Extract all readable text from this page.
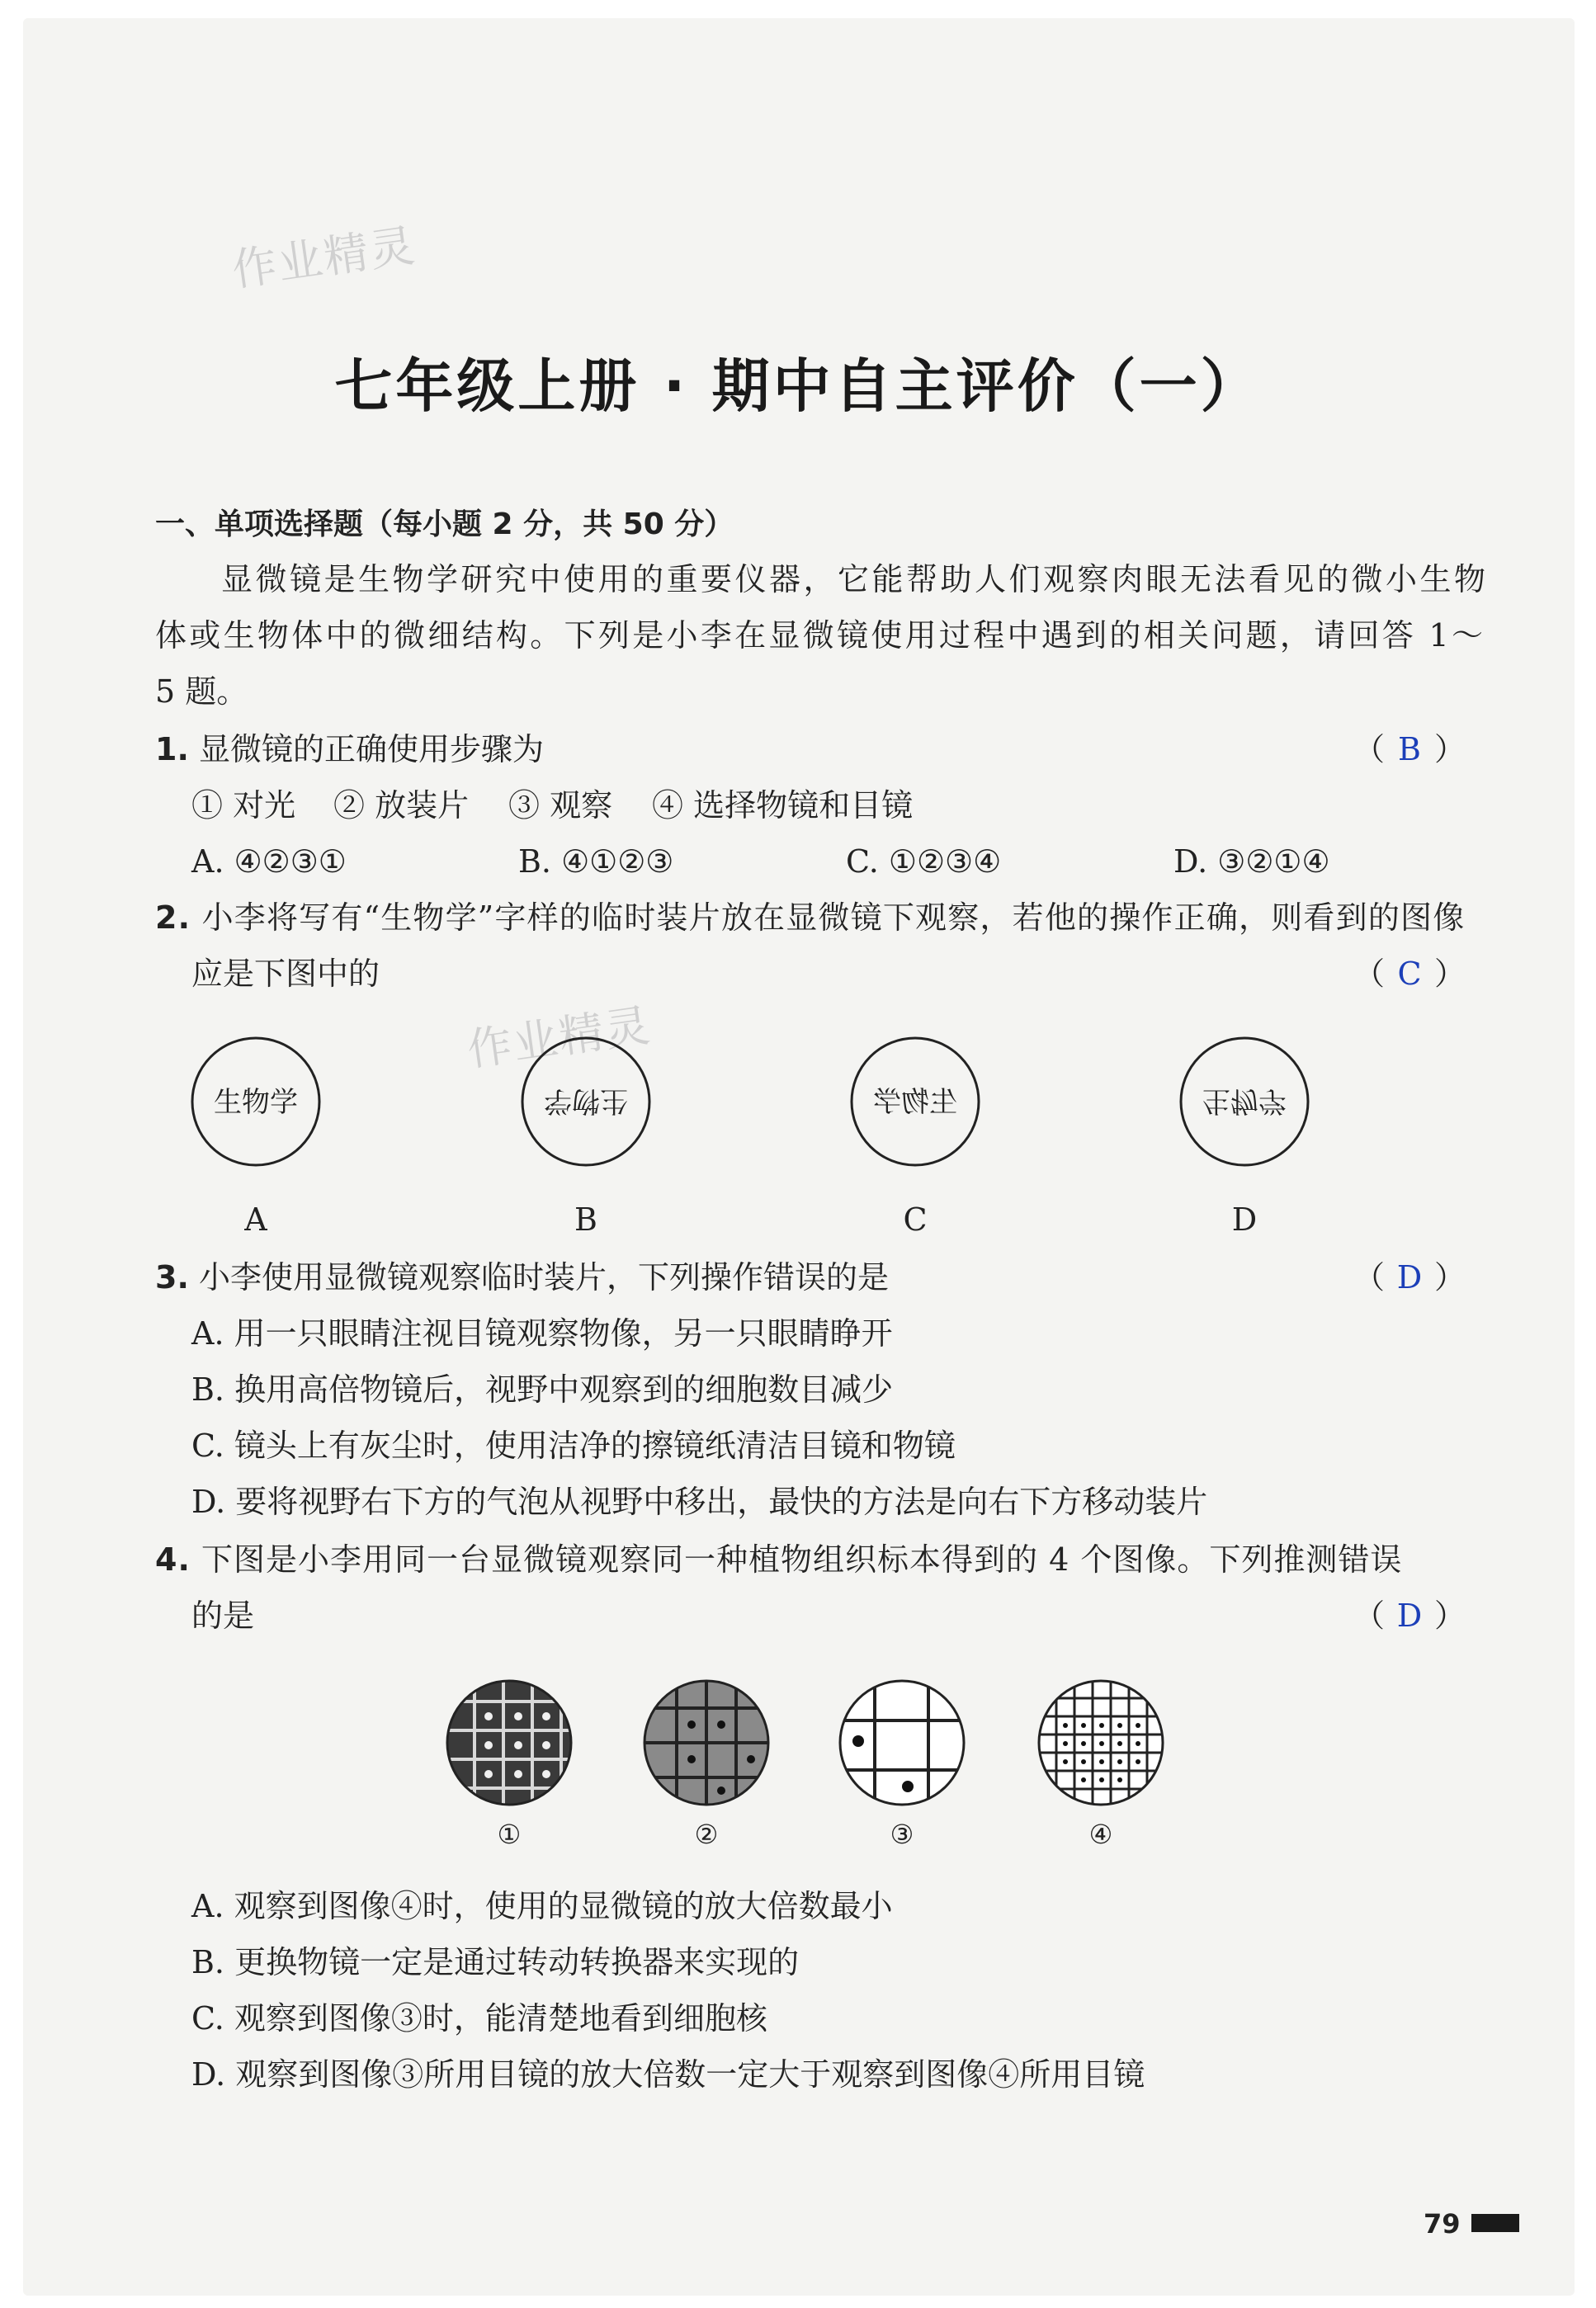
作业精灵
作业精灵
七年级上册 · 期中自主评价（一）
一、单项选择题（每小题 2 分，共 50 分）
显微镜是生物学研究中使用的重要仪器，它能帮助人们观察肉眼无法看见的微小生物
体或生物体中的微细结构。下列是小李在显微镜使用过程中遇到的相关问题，请回答 1～
5 题。
1. 显微镜的正确使用步骤为	（ B ）
① 对光 ② 放装片 ③ 观察 ④ 选择物镜和目镜
A. ④②③①	B. ④①②③	C. ①②③④	D. ③②①④
2. 小李将写有“生物学”字样的临时装片放在显微镜下观察，若他的操作正确，则看到的图像
应是下图中的	（ C ）
生物学	生物学	生物学	生物学
A	B	C	D
3. 小李使用显微镜观察临时装片，下列操作错误的是	（ D ）
A. 用一只眼睛注视目镜观察物像，另一只眼睛睁开
B. 换用高倍物镜后，视野中观察到的细胞数目减少
C. 镜头上有灰尘时，使用洁净的擦镜纸清洁目镜和物镜
D. 要将视野右下方的气泡从视野中移出，最快的方法是向右下方移动装片
4. 下图是小李用同一台显微镜观察同一种植物组织标本得到的 4 个图像。下列推测错误
的是	（ D ）
①	②	③	④
A. 观察到图像④时，使用的显微镜的放大倍数最小
B. 更换物镜一定是通过转动转换器来实现的
C. 观察到图像③时，能清楚地看到细胞核
D. 观察到图像③所用目镜的放大倍数一定大于观察到图像④所用目镜
79
